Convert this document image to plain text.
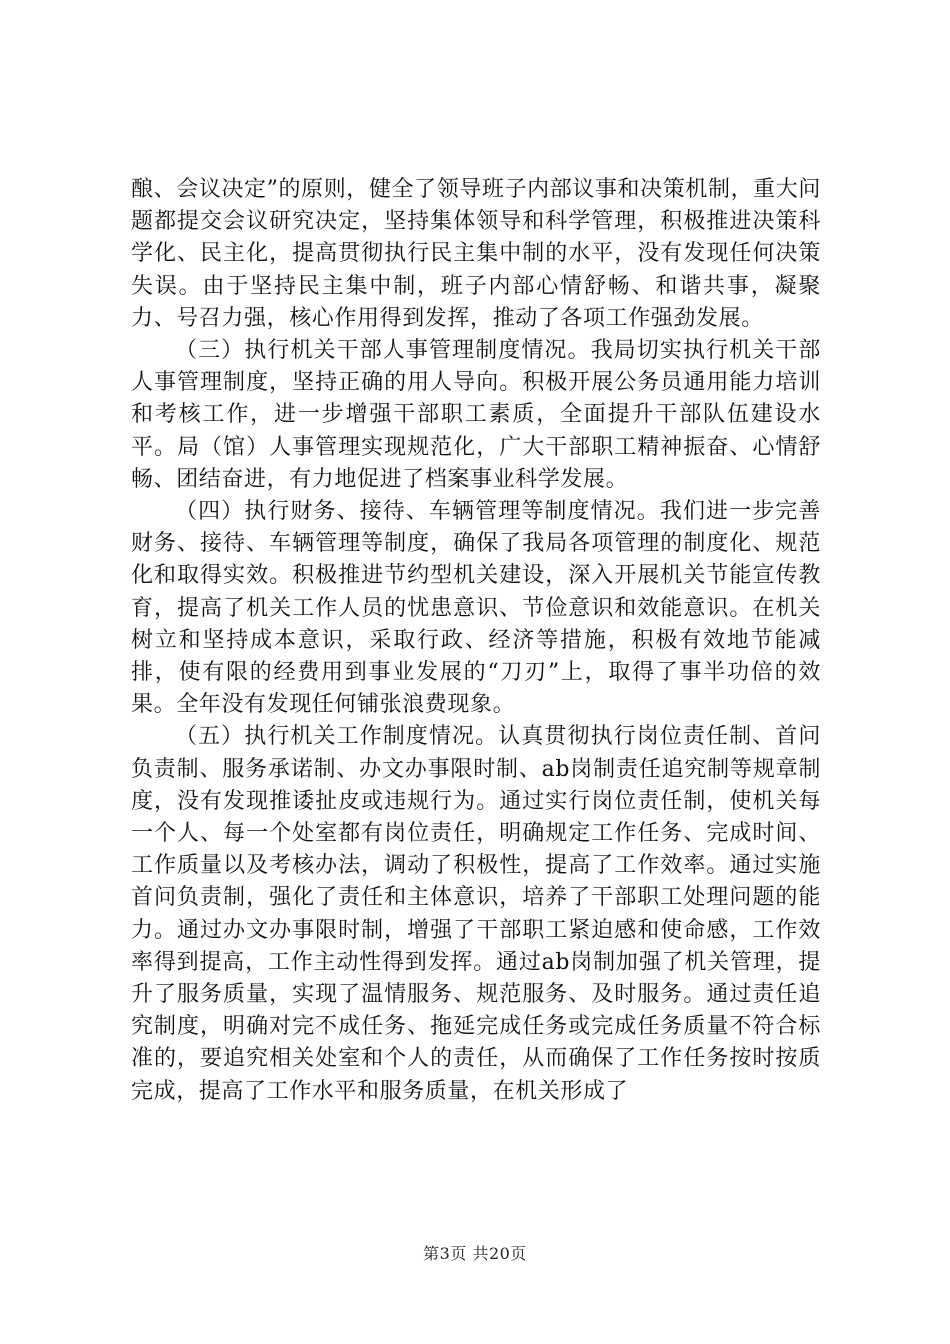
酿、会议决定”的原则，健全了领导班子内部议事和决策机制，重大问题都提交会议研究决定，坚持集体领导和科学管理，积极推进决策科学化、民主化，提高贯彻执行民主集中制的水平，没有发现任何决策失误。由于坚持民主集中制，班子内部心情舒畅、和谐共事，凝聚力、号召力强，核心作用得到发挥，推动了各项工作强劲发展。

（三）执行机关干部人事管理制度情况。我局切实执行机关干部人事管理制度，坚持正确的用人导向。积极开展公务员通用能力培训和考核工作，进一步增强干部职工素质，全面提升干部队伍建设水平。局（馆）人事管理实现规范化，广大干部职工精神振奋、心情舒畅、团结奋进，有力地促进了档案事业科学发展。

（四）执行财务、接待、车辆管理等制度情况。我们进一步完善财务、接待、车辆管理等制度，确保了我局各项管理的制度化、规范化和取得实效。积极推进节约型机关建设，深入开展机关节能宣传教育，提高了机关工作人员的忧患意识、节俭意识和效能意识。在机关树立和坚持成本意识，采取行政、经济等措施，积极有效地节能减排，使有限的经费用到事业发展的“刀刃”上，取得了事半功倍的效果。全年没有发现任何铺张浪费现象。

（五）执行机关工作制度情况。认真贯彻执行岗位责任制、首问负责制、服务承诺制、办文办事限时制、ab岗制责任追究制等规章制度，没有发现推诿扯皮或违规行为。通过实行岗位责任制，使机关每一个人、每一个处室都有岗位责任，明确规定工作任务、完成时间、工作质量以及考核办法，调动了积极性，提高了工作效率。通过实施首问负责制，强化了责任和主体意识，培养了干部职工处理问题的能力。通过办文办事限时制，增强了干部职工紧迫感和使命感，工作效率得到提高，工作主动性得到发挥。通过ab岗制加强了机关管理，提升了服务质量，实现了温情服务、规范服务、及时服务。通过责任追究制度，明确对完不成任务、拖延完成任务或完成任务质量不符合标准的，要追究相关处室和个人的责任，从而确保了工作任务按时按质完成，提高了工作水平和服务质量，在机关形成了

第3页 共20页
